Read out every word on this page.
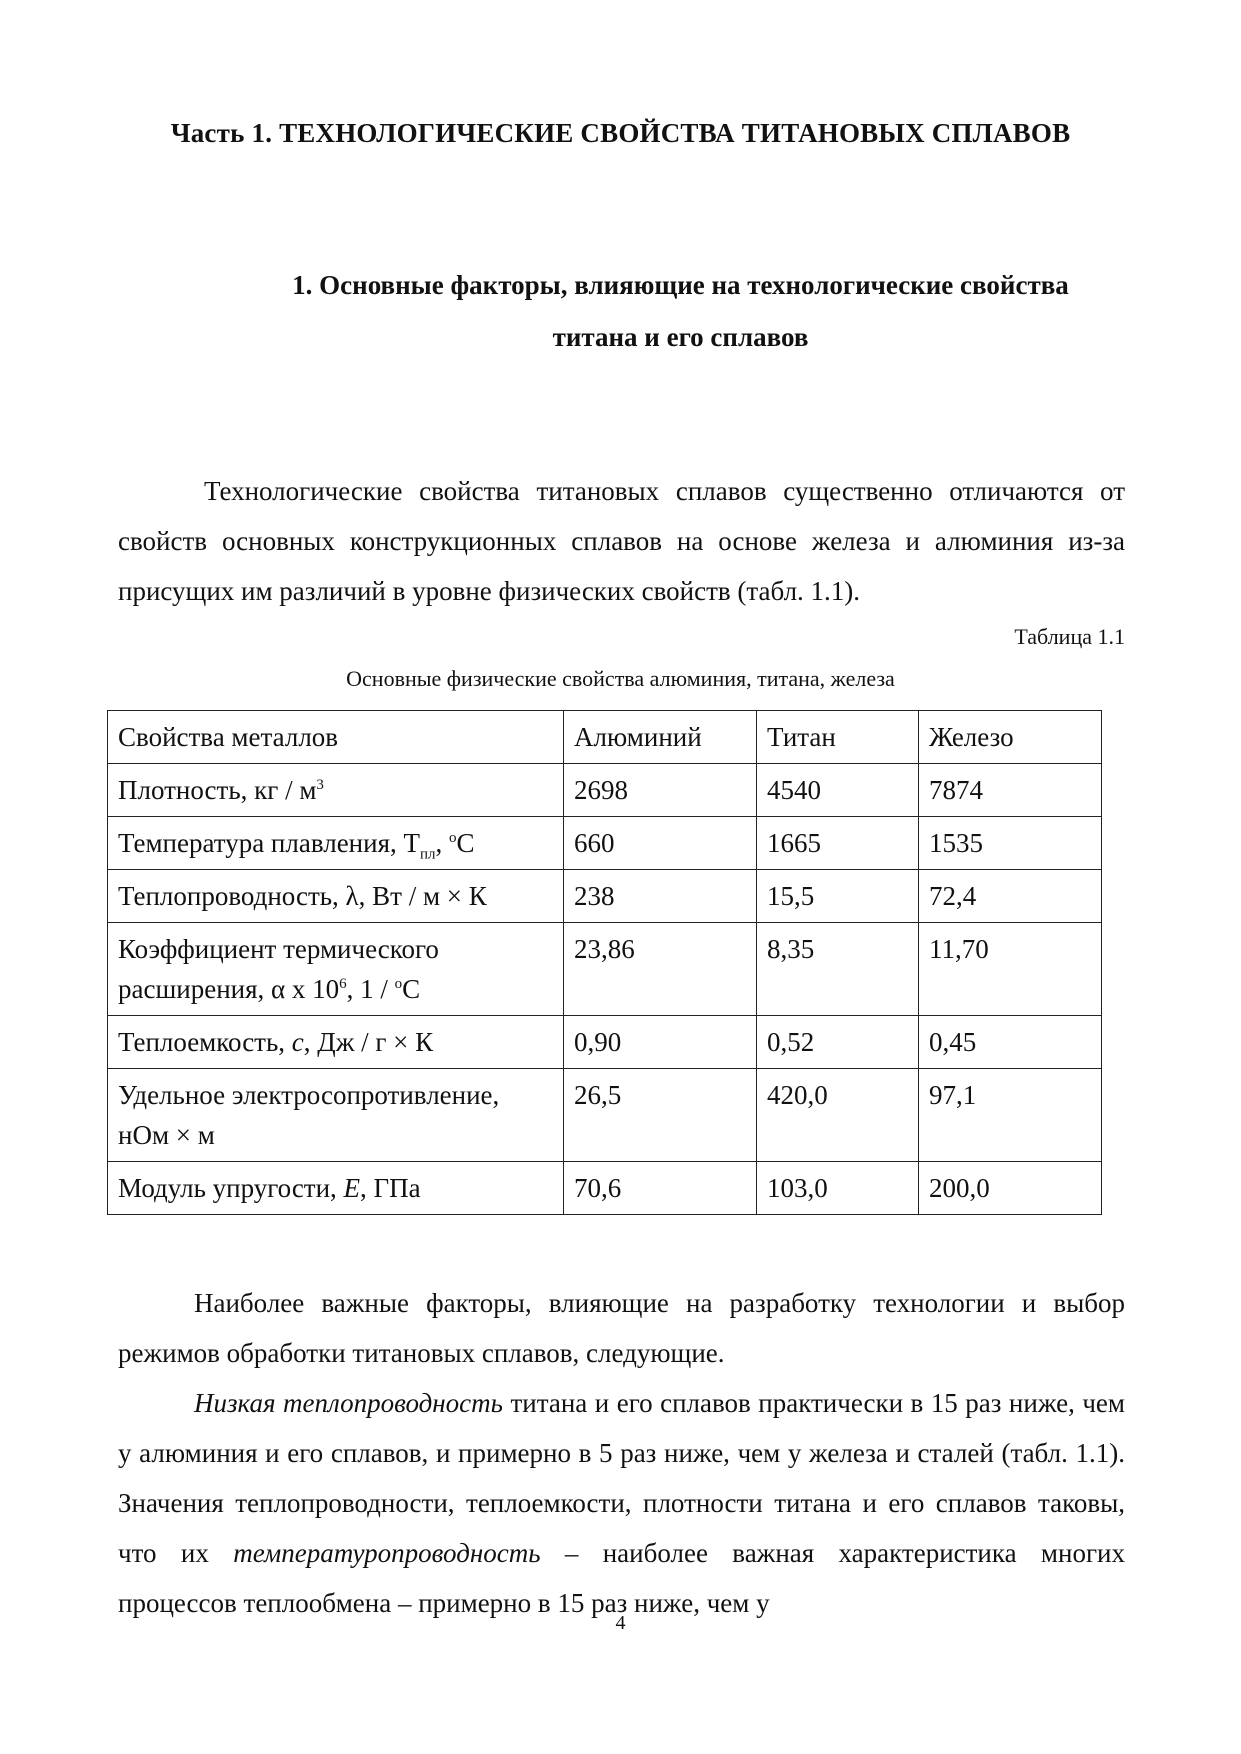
Часть 1. ТЕХНОЛОГИЧЕСКИЕ СВОЙСТВА ТИТАНОВЫХ СПЛАВОВ
1. Основные факторы, влияющие на технологические свойства
титана и его сплавов
Технологические свойства титановых сплавов существенно отличаются от свойств основных конструкционных сплавов на основе железа и алюминия из-за присущих им различий в уровне физических свойств (табл. 1.1).
Таблица 1.1
Основные физические свойства алюминия, титана, железа
Свойства металлов	Алюминий	Титан	Железо
Плотность, кг / $м^3$	2698	4540	7874
Температура плавления, $Т_{пл}$, $^o$С	660	1665	1535
Теплопроводность, λ, Вт / м × К	238	15,5	72,4
Коэффициент термического
расширения, α x $10^6$, 1 / $^o$С	23,86	8,35	11,70
Теплоемкость, c, Дж / г × К	0,90	0,52	0,45
Удельное электросопротивление,
нОм × м	26,5	420,0	97,1
Модуль упругости, E, ГПа	70,6	103,0	200,0
Наиболее важные факторы, влияющие на разработку технологии и выбор режимов обработки титановых сплавов, следующие.
Низкая теплопроводность титана и его сплавов практически в 15 раз ниже, чем у алюминия и его сплавов, и примерно в 5 раз ниже, чем у железа и сталей (табл. 1.1). Значения теплопроводности, теплоемкости, плотности титана и его сплавов таковы, что их температуропроводность – наиболее важная характеристика многих процессов теплообмена – примерно в 15 раз ниже, чем у
4
